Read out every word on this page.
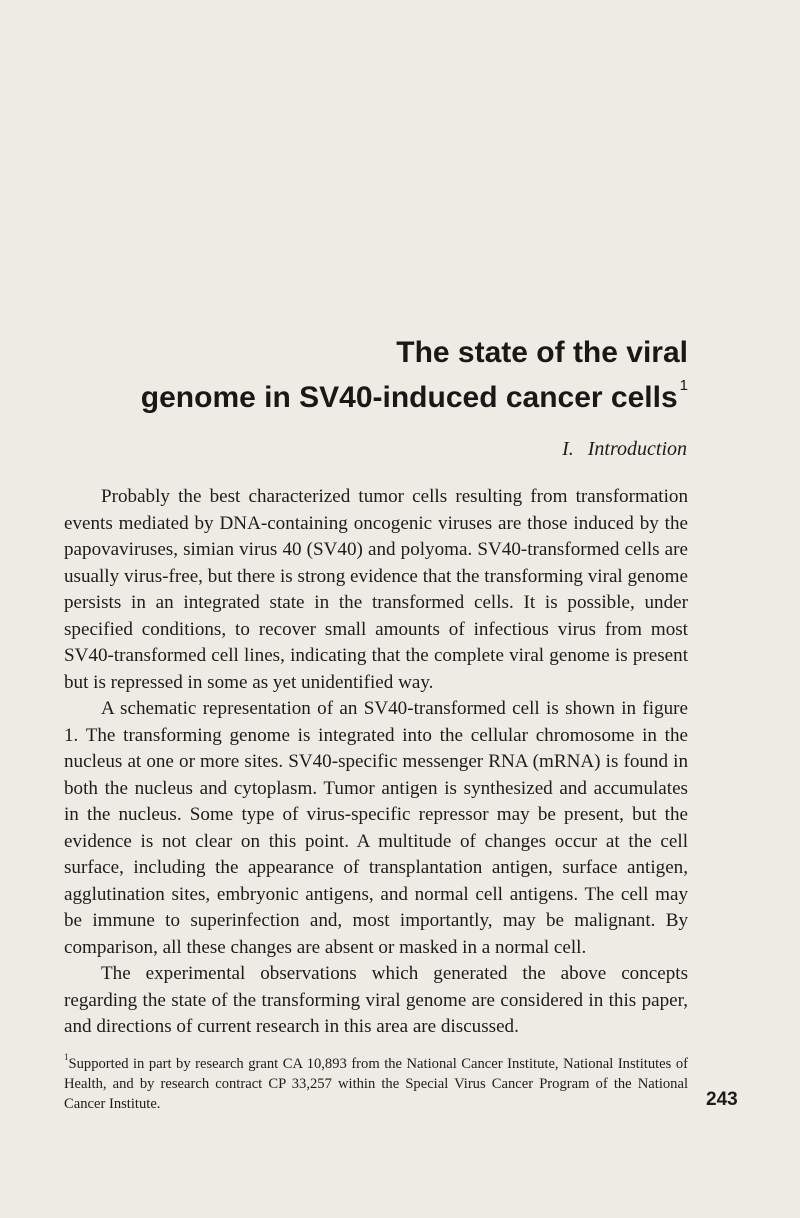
The state of the viral
genome in SV40-induced cancer cells $^1$
I. Introduction

Probably the best characterized tumor cells resulting from transformation events mediated by DNA-containing oncogenic viruses are those induced by the papovaviruses, simian virus 40 (SV40) and polyoma. SV40-transformed cells are usually virus-free, but there is strong evidence that the transforming viral genome persists in an integrated state in the transformed cells. It is possible, under specified conditions, to recover small amounts of infectious virus from most SV40-transformed cell lines, indicating that the complete viral genome is present but is repressed in some as yet unidentified way.

A schematic representation of an SV40-transformed cell is shown in figure 1. The transforming genome is integrated into the cellular chromosome in the nucleus at one or more sites. SV40-specific messenger RNA (mRNA) is found in both the nucleus and cytoplasm. Tumor antigen is synthesized and accumulates in the nucleus. Some type of virus-specific repressor may be present, but the evidence is not clear on this point. A multitude of changes occur at the cell surface, including the appearance of transplantation antigen, surface antigen, agglutination sites, embryonic antigens, and normal cell antigens. The cell may be immune to superinfection and, most importantly, may be malignant. By comparison, all these changes are absent or masked in a normal cell.

The experimental observations which generated the above concepts regarding the state of the transforming viral genome are considered in this paper, and directions of current research in this area are discussed.

$^1$Supported in part by research grant CA 10,893 from the National Cancer Institute, National Institutes of Health, and by research contract CP 33,257 within the Special Virus Cancer Program of the National Cancer Institute.	243
